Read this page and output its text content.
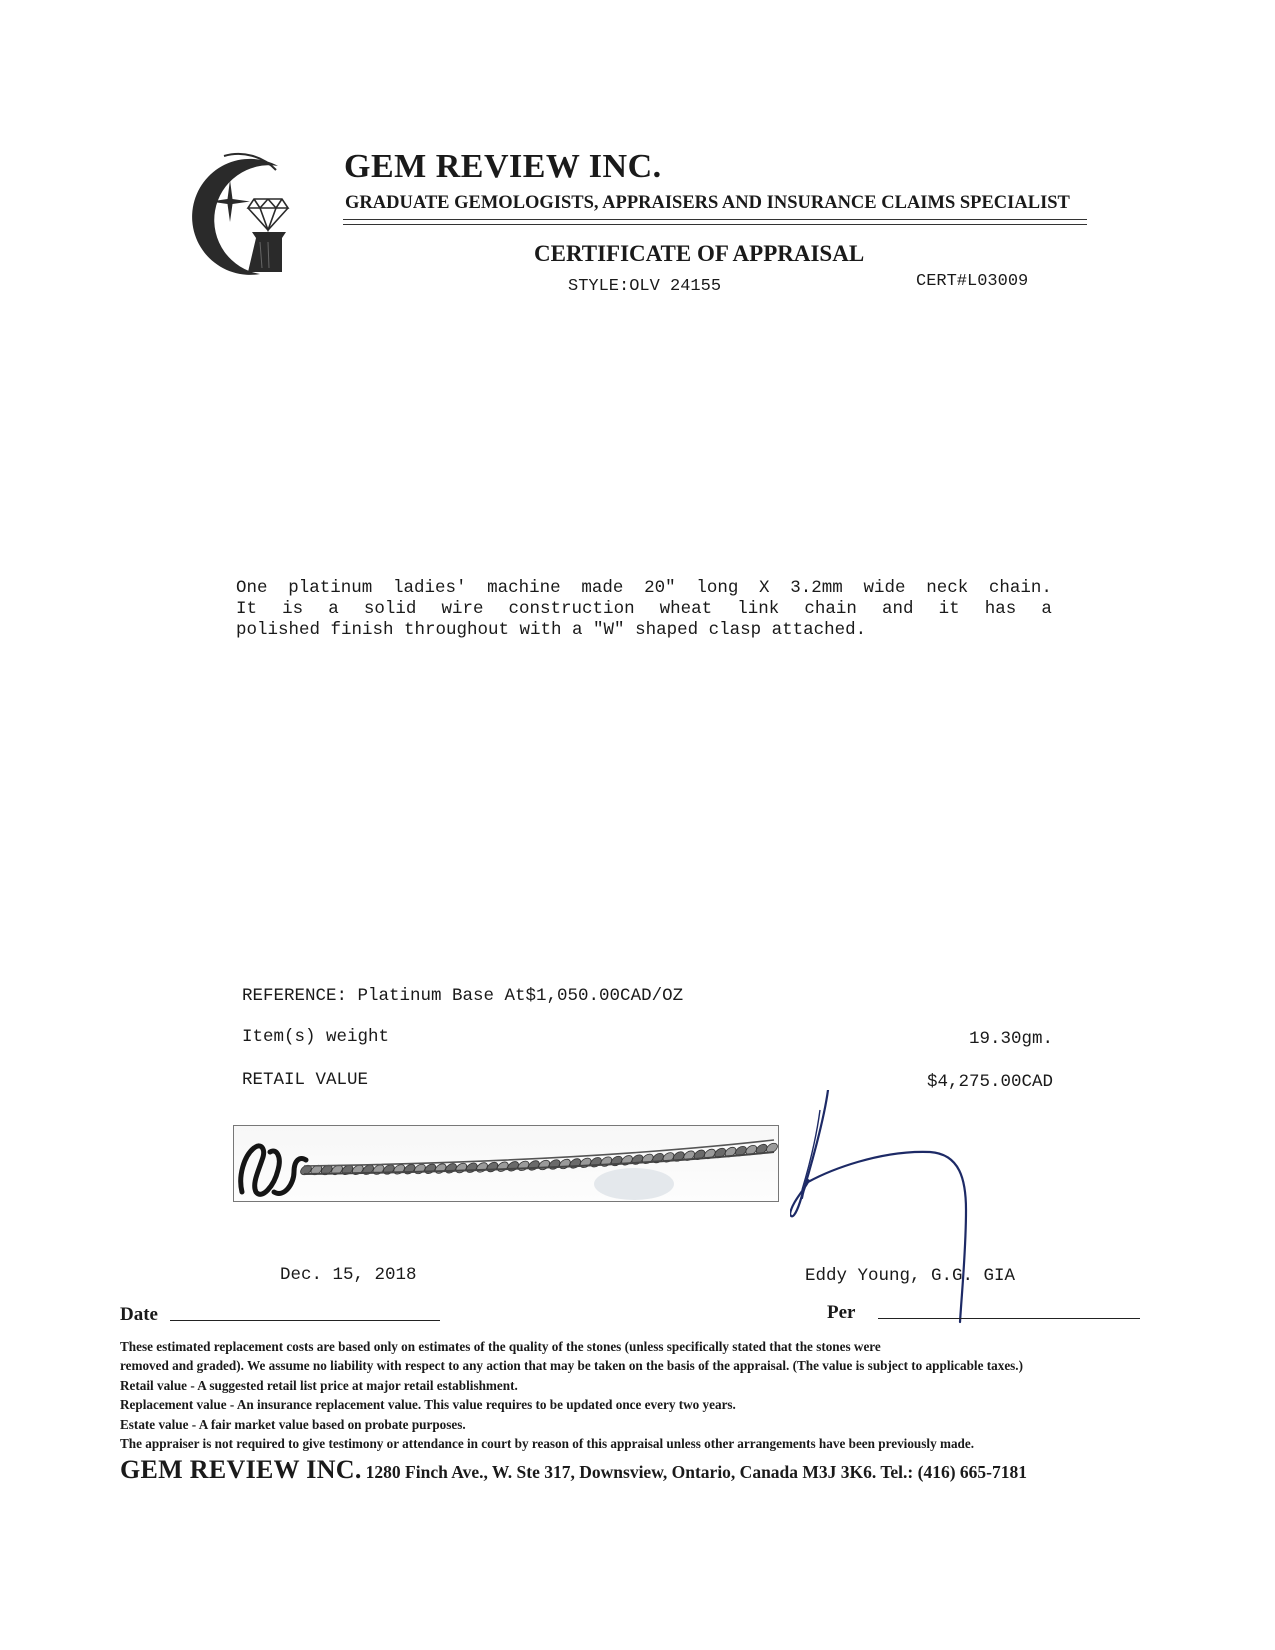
GEM REVIEW INC.
GRADUATE GEMOLOGISTS, APPRAISERS AND INSURANCE CLAIMS SPECIALIST
CERTIFICATE OF APPRAISAL
STYLE:OLV 24155	CERT#L03009
One platinum ladies' machine made 20" long X 3.2mm wide neck chain.
It is a solid wire construction wheat link chain and it has a
polished finish throughout with a "W" shaped clasp attached.
REFERENCE: Platinum Base At$1,050.00CAD/OZ
Item(s) weight	19.30gm.
RETAIL VALUE	$4,275.00CAD
Dec. 15, 2018	Eddy Young, G.G. GIA
Date	Per
These estimated replacement costs are based only on estimates of the quality of the stones (unless specifically stated that the stones were
removed and graded). We assume no liability with respect to any action that may be taken on the basis of the appraisal. (The value is subject to applicable taxes.)
Retail value - A suggested retail list price at major retail establishment.
Replacement value - An insurance replacement value. This value requires to be updated once every two years.
Estate value - A fair market value based on probate purposes.
The appraiser is not required to give testimony or attendance in court by reason of this appraisal unless other arrangements have been previously made.
GEM REVIEW INC. 1280 Finch Ave., W. Ste 317, Downsview, Ontario, Canada M3J 3K6. Tel.: (416) 665-7181
